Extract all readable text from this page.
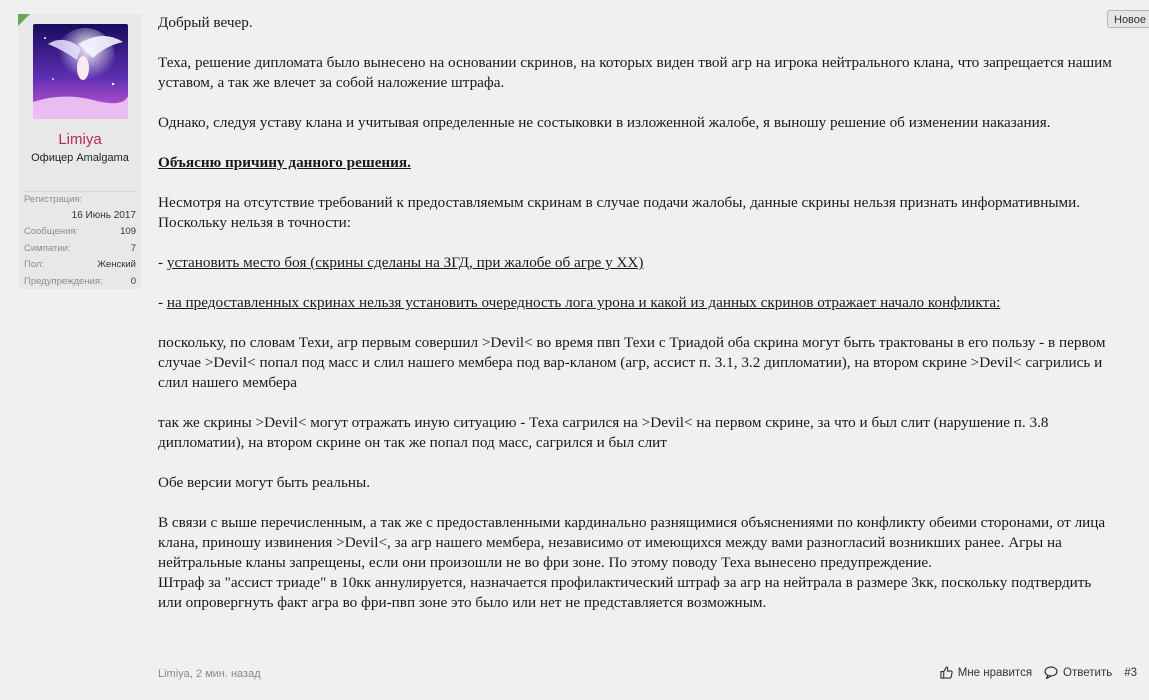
Limiya
Офицер Amalgama
Регистрация:
16 Июнь 2017
Сообщения:	109
Симпатии:	7
Пол:	Женский
Предупреждения:	0
Новое

Добрый вечер.

Теха, решение дипломата было вынесено на основании скринов, на которых виден твой агр на игрока нейтрального клана, что запрещается нашим уставом, а так же влечет за собой наложение штрафа.

Однако, следуя уставу клана и учитывая определенные не состыковки в изложенной жалобе, я выношу решение об изменении наказания.

Объясню причину данного решения.

Несмотря на отсутствие требований к предоставляемым скринам в случае подачи жалобы, данные скрины нельзя признать информативными. Поскольку нельзя в точности:

- установить место боя (скрины сделаны на ЗГД, при жалобе об агре у ХХ)

- на предоставленных скринах нельзя установить очередность лога урона и какой из данных скринов отражает начало конфликта:

поскольку, по словам Техи, агр первым совершил >Devil< во время пвп Техи с Триадой оба скрина могут быть трактованы в его пользу - в первом случае >Devil< попал под масс и слил нашего мембера под вар-кланом (агр, ассист п. 3.1, 3.2 дипломатии), на втором скрине >Devil< сагрились и слил нашего мембера

так же скрины >Devil< могут отражать иную ситуацию - Теха сагрился на >Devil< на первом скрине, за что и был слит (нарушение п. 3.8 дипломатии), на втором скрине он так же попал под масс, сагрился и был слит

Обе версии могут быть реальны.

В связи с выше перечисленным, а так же с предоставленными кардинально разнящимися объяснениями по конфликту обеими сторонами, от лица клана, приношу извинения >Devil<, за агр нашего мембера, независимо от имеющихся между вами разногласий возникших ранее. Агры на нейтральные кланы запрещены, если они произошли не во фри зоне. По этому поводу Теха вынесено предупреждение.

Штраф за "ассист триаде" в 10кк аннулируется, назначается профилактический штраф за агр на нейтрала в размере 3кк, поскольку подтвердить или опровергнуть факт агра во фри-пвп зоне это было или нет не представляется возможным.

Limiya, 2 мин. назад	Мне нравится	Ответить #3
